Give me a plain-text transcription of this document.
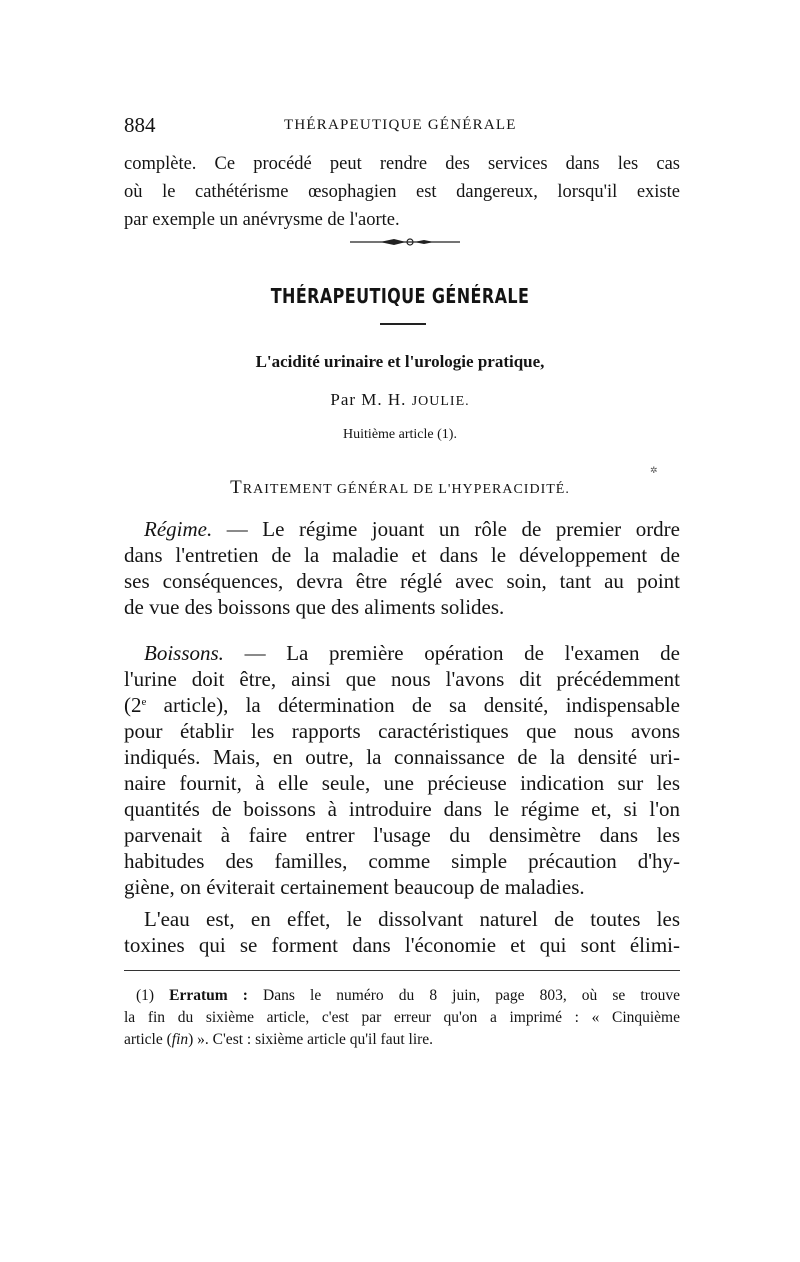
884	THÉRAPEUTIQUE GÉNÉRALE

complète. Ce procédé peut rendre des services dans les cas
où le cathétérisme œsophagien est dangereux, lorsqu'il existe
par exemple un anévrysme de l'aorte.

THÉRAPEUTIQUE GÉNÉRALE
L'acidité urinaire et l'urologie pratique,
Par M. H. JOULIE.
Huitième article (1).
TRAITEMENT GÉNÉRAL DE L'HYPERACIDITÉ.
✲

Régime. — Le régime jouant un rôle de premier ordre
dans l'entretien de la maladie et dans le développement de
ses conséquences, devra être réglé avec soin, tant au point
de vue des boissons que des aliments solides.

Boissons. — La première opération de l'examen de
l'urine doit être, ainsi que nous l'avons dit précédemment
(2e article), la détermination de sa densité, indispensable
pour établir les rapports caractéristiques que nous avons
indiqués. Mais, en outre, la connaissance de la densité uri-
naire fournit, à elle seule, une précieuse indication sur les
quantités de boissons à introduire dans le régime et, si l'on
parvenait à faire entrer l'usage du densimètre dans les
habitudes des familles, comme simple précaution d'hy-
giène, on éviterait certainement beaucoup de maladies.

L'eau est, en effet, le dissolvant naturel de toutes les
toxines qui se forment dans l'économie et qui sont élimi-

(1) Erratum : Dans le numéro du 8 juin, page 803, où se trouve
la fin du sixième article, c'est par erreur qu'on a imprimé : « Cinquième
article (fin) ». C'est : sixième article qu'il faut lire.
